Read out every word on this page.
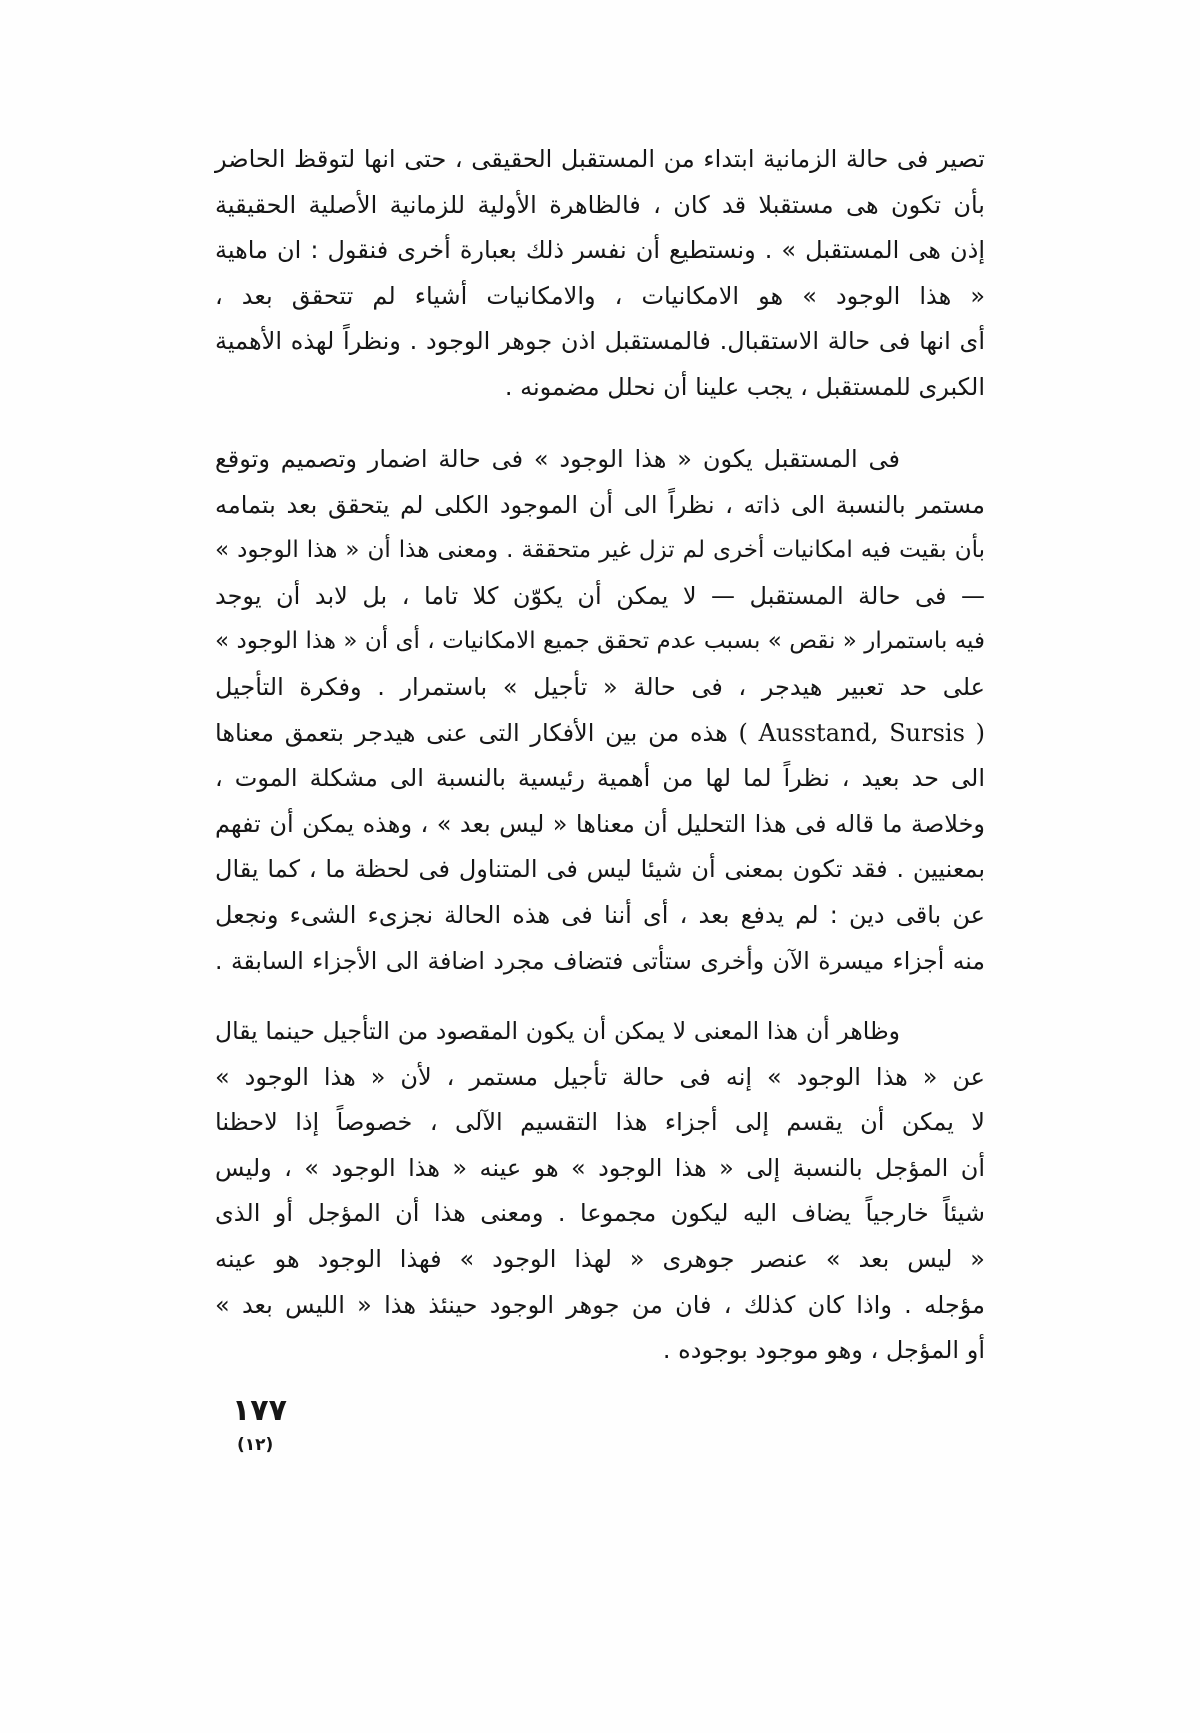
تصير فى حالة الزمانية ابتداء من المستقبل الحقيقى ، حتى انها لتوقظ الحاضر
بأن تكون هى مستقبلا قد كان ، فالظاهرة الأولية للزمانية الأصلية الحقيقية
إذن هى المستقبل » . ونستطيع أن نفسر ذلك بعبارة أخرى فنقول : ان ماهية
« هذا الوجود » هو الامكانيات ، والامكانيات أشياء لم تتحقق بعد ،
أى انها فى حالة الاستقبال. فالمستقبل اذن جوهر الوجود . ونظراً لهذه الأهمية
الكبرى للمستقبل ، يجب علينا أن نحلل مضمونه .
فى المستقبل يكون « هذا الوجود » فى حالة اضمار وتصميم وتوقع
مستمر بالنسبة الى ذاته ، نظراً الى أن الموجود الكلى لم يتحقق بعد بتمامه
بأن بقيت فيه امكانيات أخرى لم تزل غير متحققة . ومعنى هذا أن « هذا الوجود »
— فى حالة المستقبل — لا يمكن أن يكوّن كلا تاما ، بل لابد أن يوجد
فيه باستمرار « نقص » بسبب عدم تحقق جميع الامكانيات ، أى أن « هذا الوجود »
على حد تعبير هيدجر ، فى حالة « تأجيل » باستمرار . وفكرة التأجيل
( Ausstand, Sursis ) هذه من بين الأفكار التى عنى هيدجر بتعمق معناها
الى حد بعيد ، نظراً لما لها من أهمية رئيسية بالنسبة الى مشكلة الموت ،
وخلاصة ما قاله فى هذا التحليل أن معناها « ليس بعد » ، وهذه يمكن أن تفهم
بمعنيين . فقد تكون بمعنى أن شيئا ليس فى المتناول فى لحظة ما ، كما يقال
عن باقى دين : لم يدفع بعد ، أى أننا فى هذه الحالة نجزىء الشىء ونجعل
منه أجزاء ميسرة الآن وأخرى ستأتى فتضاف مجرد اضافة الى الأجزاء السابقة .
وظاهر أن هذا المعنى لا يمكن أن يكون المقصود من التأجيل حينما يقال
عن « هذا الوجود » إنه فى حالة تأجيل مستمر ، لأن « هذا الوجود »
لا يمكن أن يقسم إلى أجزاء هذا التقسيم الآلى ، خصوصاً إذا لاحظنا
أن المؤجل بالنسبة إلى « هذا الوجود » هو عينه « هذا الوجود » ، وليس
شيئاً خارجياً يضاف اليه ليكون مجموعا . ومعنى هذا أن المؤجل أو الذى
« ليس بعد » عنصر جوهرى « لهذا الوجود » فهذا الوجود هو عينه
مؤجله . واذا كان كذلك ، فان من جوهر الوجود حينئذ هذا « الليس بعد »
أو المؤجل ، وهو موجود بوجوده .
١٧٧
(١٢)
